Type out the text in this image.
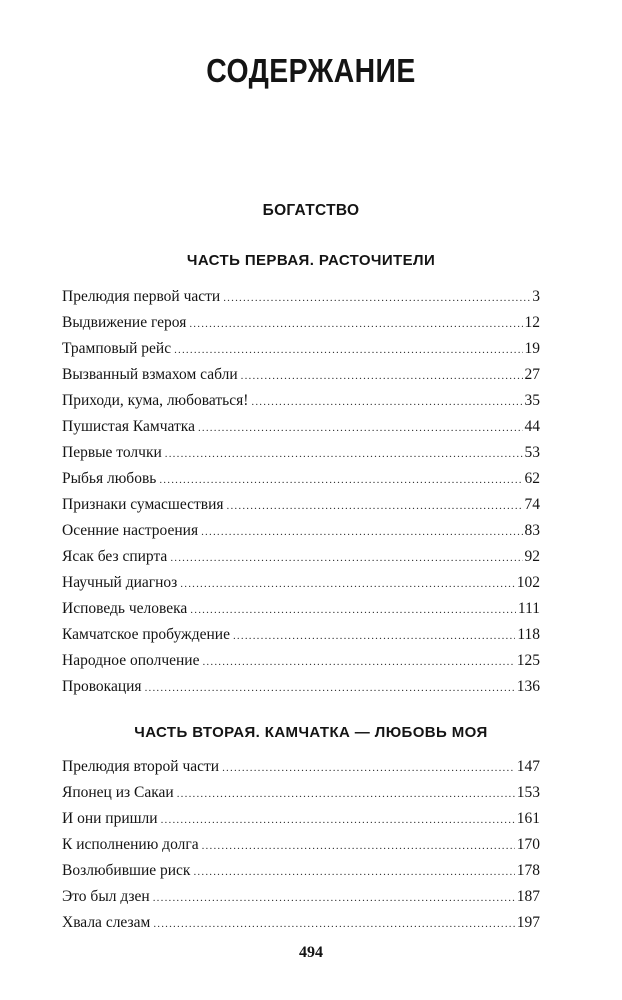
СОДЕРЖАНИЕ
БОГАТСТВО
ЧАСТЬ ПЕРВАЯ. РАСТОЧИТЕЛИ
Прелюдия первой части .....	3
Выдвижение героя .....	12
Трамповый рейс .....	19
Вызванный взмахом сабли .....	27
Приходи, кума, любоваться! .....	35
Пушистая Камчатка .....	44
Первые толчки .....	53
Рыбья любовь .....	62
Признаки сумасшествия .....	74
Осенние настроения .....	83
Ясак без спирта .....	92
Научный диагноз .....	102
Исповедь человека .....	111
Камчатское пробуждение .....	118
Народное ополчение .....	125
Провокация .....	136
ЧАСТЬ ВТОРАЯ. КАМЧАТКА — ЛЮБОВЬ МОЯ
Прелюдия второй части .....	147
Японец из Сакаи .....	153
И они пришли .....	161
К исполнению долга .....	170
Возлюбившие риск .....	178
Это был дзен .....	187
Хвала слезам .....	197
494
